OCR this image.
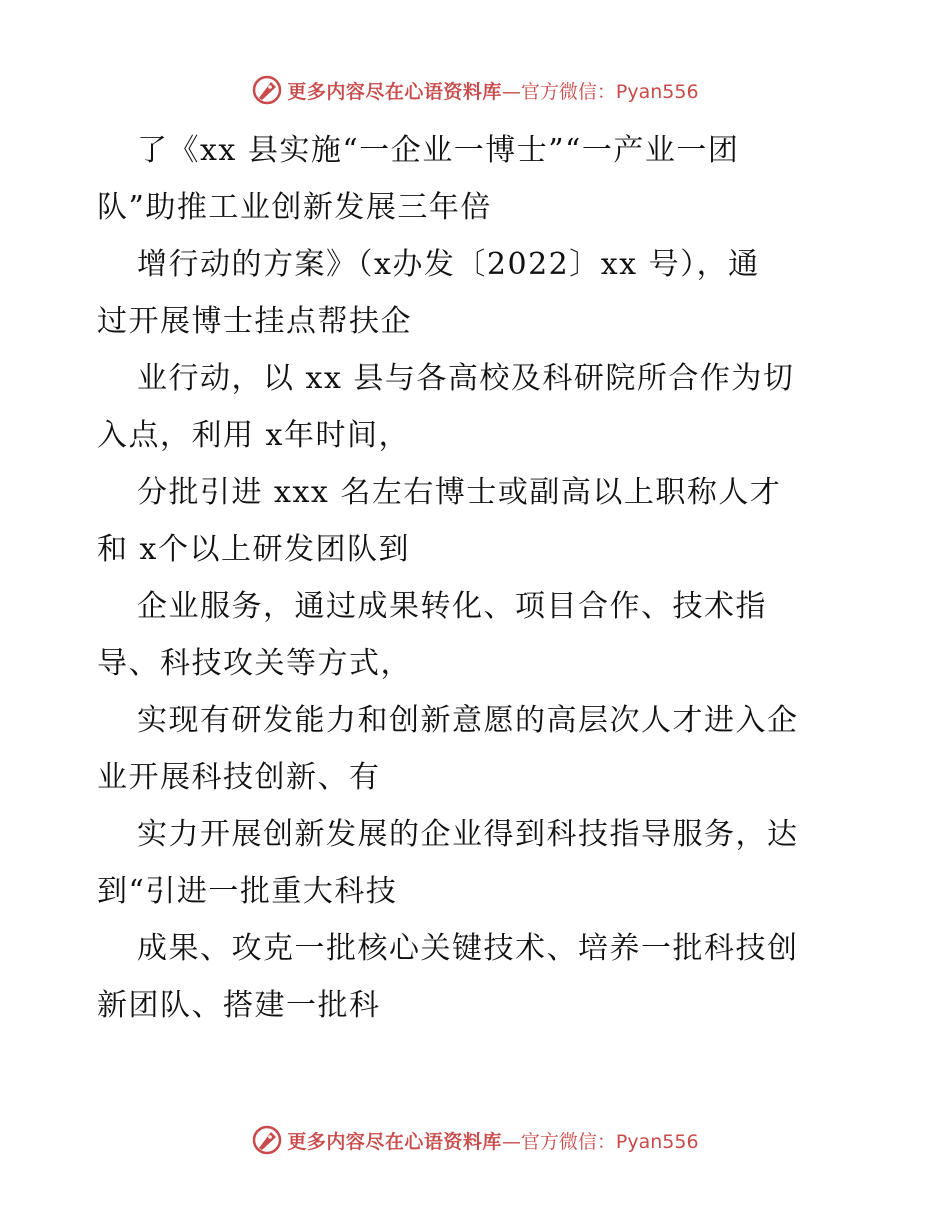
更多内容尽在心语资料库 —官方微信：Pyan556
了《xx 县实施“一企业一博士”“一产业一团
队”助推工业创新发展三年倍
增行动的方案》（x办发〔2022〕xx 号），通
过开展博士挂点帮扶企
业行动，以 xx 县与各高校及科研院所合作为切
入点，利用 x年时间，
分批引进 xxx 名左右博士或副高以上职称人才
和 x个以上研发团队到
企业服务，通过成果转化、项目合作、技术指
导、科技攻关等方式，
实现有研发能力和创新意愿的高层次人才进入企
业开展科技创新、有
实力开展创新发展的企业得到科技指导服务，达
到“引进一批重大科技
成果、攻克一批核心关键技术、培养一批科技创
新团队、搭建一批科
更多内容尽在心语资料库 —官方微信：Pyan556
